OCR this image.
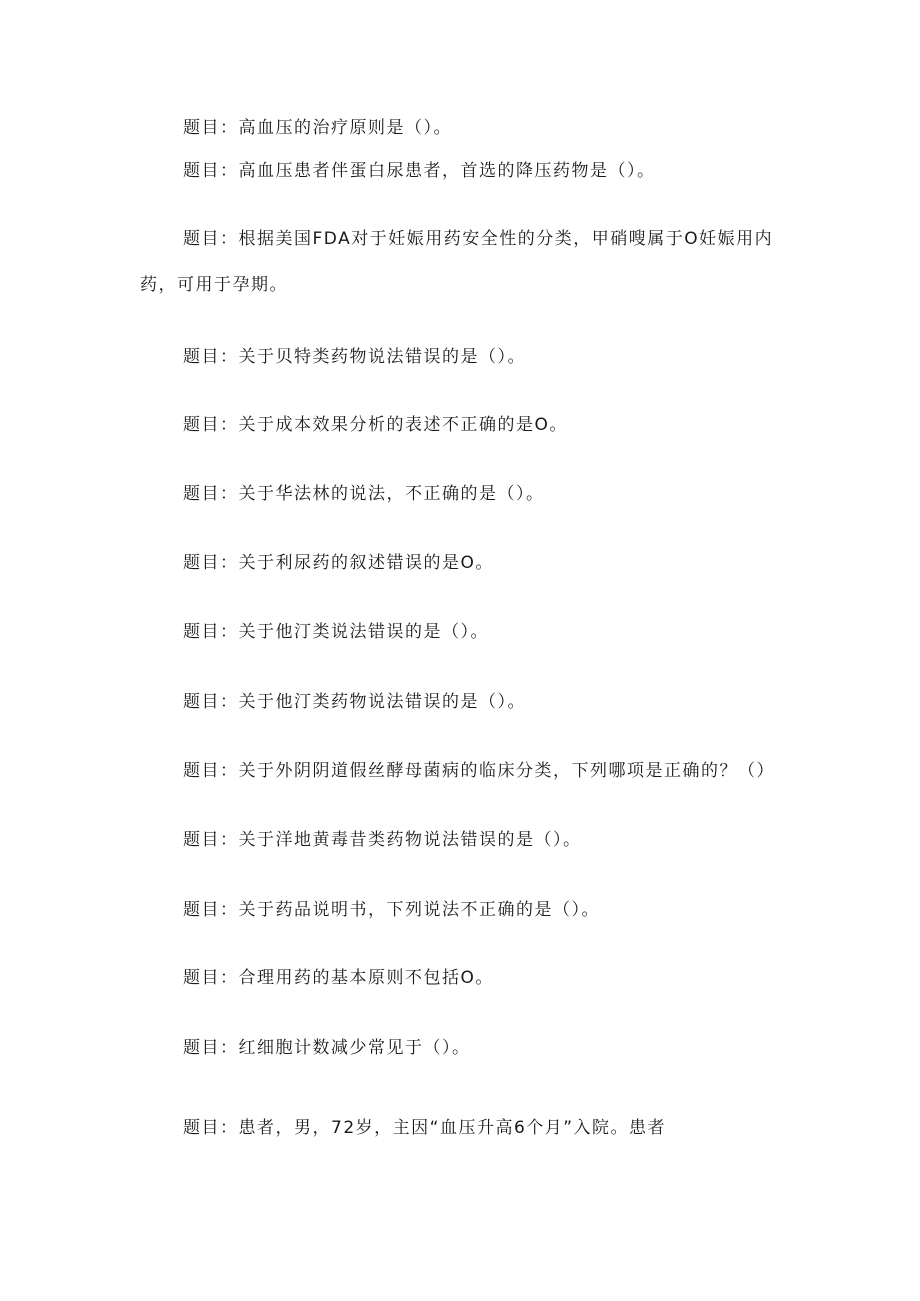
题目：高血压的治疗原则是（）。
题目：高血压患者伴蛋白尿患者，首选的降压药物是（）。
题目：根据美国FDA对于妊娠用药安全性的分类，甲硝嗖属于O妊娠用内
药，可用于孕期。
题目：关于贝特类药物说法错误的是（）。
题目：关于成本效果分析的表述不正确的是O。
题目：关于华法林的说法，不正确的是（）。
题目：关于利尿药的叙述错误的是O。
题目：关于他汀类说法错误的是（）。
题目：关于他汀类药物说法错误的是（）。
题目：关于外阴阴道假丝酵母菌病的临床分类，下列哪项是正确的？（）
题目：关于洋地黄毒昔类药物说法错误的是（）。
题目：关于药品说明书，下列说法不正确的是（）。
题目：合理用药的基本原则不包括O。
题目：红细胞计数减少常见于（）。
题目：患者，男，72岁，主因“血压升高6个月”入院。患者
